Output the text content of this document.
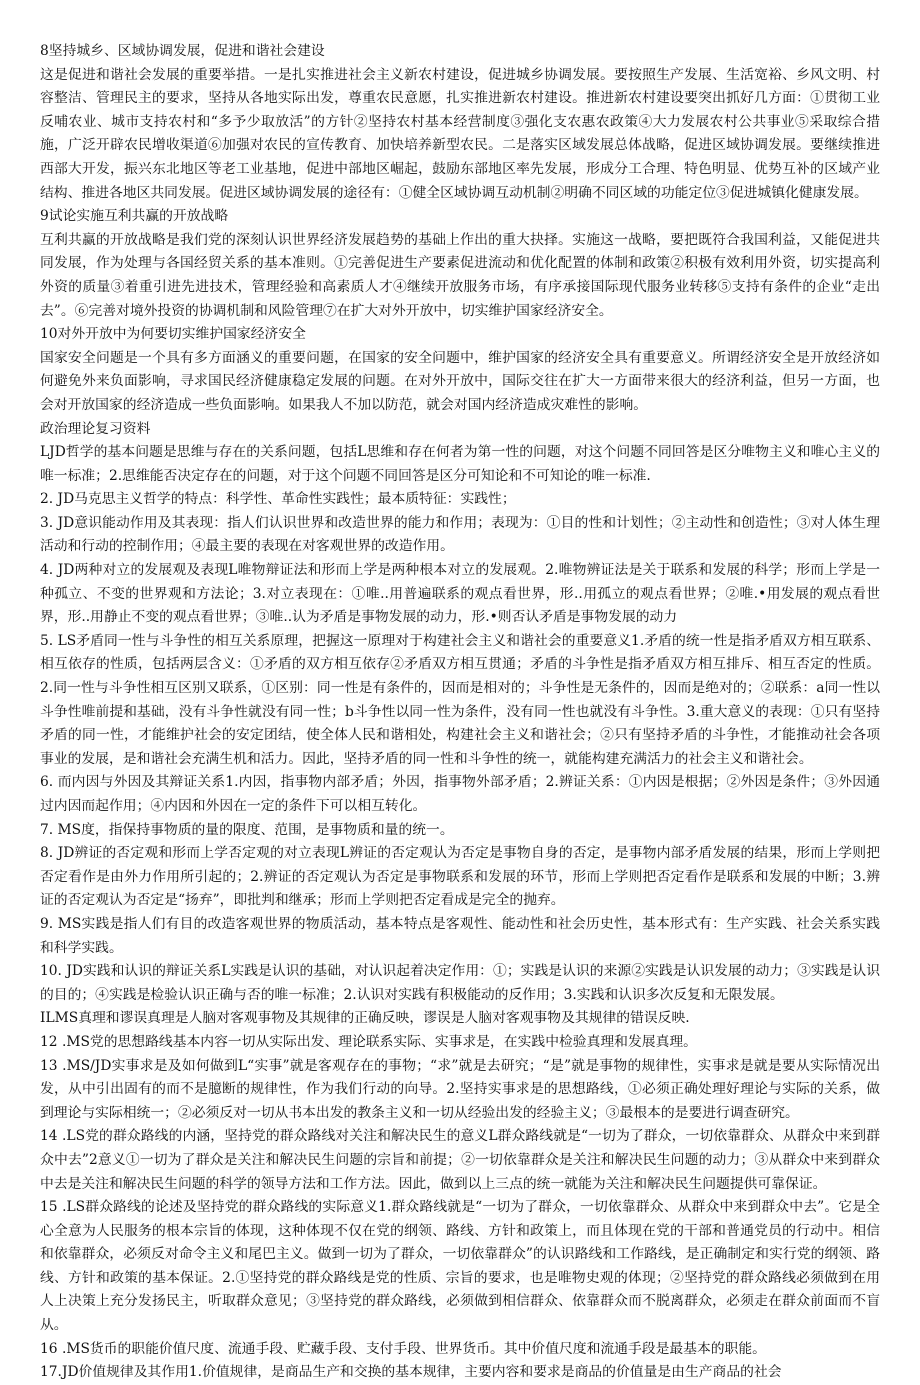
8坚持城乡、区域协调发展，促进和谐社会建设

这是促进和谐社会发展的重要举措。一是扎实推进社会主义新农村建设，促进城乡协调发展。要按照生产发展、生活宽裕、乡风文明、村容整洁、管理民主的要求，坚持从各地实际出发，尊重农民意愿，扎实推进新农村建设。推进新农村建设要突出抓好几方面：①贯彻工业反哺农业、城市支持农村和“多予少取放活”的方针②坚持农村基本经营制度③强化支农惠农政策④大力发展农村公共事业⑤采取综合措施，广泛开辟农民增收渠道⑥加强对农民的宣传教育、加快培养新型农民。二是落实区域发展总体战略，促进区域协调发展。要继续推进西部大开发，振兴东北地区等老工业基地，促进中部地区崛起，鼓励东部地区率先发展，形成分工合理、特色明显、优势互补的区域产业结构、推进各地区共同发展。促进区域协调发展的途径有：①健全区域协调互动机制②明确不同区域的功能定位③促进城镇化健康发展。

9试论实施互利共赢的开放战略

互利共赢的开放战略是我们党的深刻认识世界经济发展趋势的基础上作出的重大抉择。实施这一战略，要把既符合我国利益，又能促进共同发展，作为处理与各国经贸关系的基本准则。①完善促进生产要素促进流动和优化配置的体制和政策②积极有效利用外资，切实提高利外资的质量③着重引进先进技术，管理经验和高素质人才④继续开放服务市场，有序承接国际现代服务业转移⑤支持有条件的企业“走出去”。⑥完善对境外投资的协调机制和风险管理⑦在扩大对外开放中，切实维护国家经济安全。

10对外开放中为何要切实维护国家经济安全

国家安全问题是一个具有多方面涵义的重要问题，在国家的安全问题中，维护国家的经济安全具有重要意义。所谓经济安全是开放经济如何避免外来负面影响，寻求国民经济健康稳定发展的问题。在对外开放中，国际交往在扩大一方面带来很大的经济利益，但另一方面，也会对开放国家的经济造成一些负面影响。如果我人不加以防范，就会对国内经济造成灾难性的影响。

政治理论复习资料

LJD哲学的基本问题是思维与存在的关系问题，包括L思维和存在何者为第一性的问题，对这个问题不同回答是区分唯物主义和唯心主义的唯一标准；2.思维能否决定存在的问题，对于这个问题不同回答是区分可知论和不可知论的唯一标准.

2. JD马克思主义哲学的特点：科学性、革命性实践性；最本质特征：实践性；

3. JD意识能动作用及其表现：指人们认识世界和改造世界的能力和作用；表现为：①目的性和计划性；②主动性和创造性；③对人体生理活动和行动的控制作用；④最主要的表现在对客观世界的改造作用。

4. JD两种对立的发展观及表现L唯物辩证法和形而上学是两种根本对立的发展观。2.唯物辨证法是关于联系和发展的科学；形而上学是一种孤立、不变的世界观和方法论；3.对立表现在：①唯..用普遍联系的观点看世界，形..用孤立的观点看世界；②唯.•用发展的观点看世界，形..用静止不变的观点看世界；③唯..认为矛盾是事物发展的动力，形.•则否认矛盾是事物发展的动力

5. LS矛盾同一性与斗争性的相互关系原理，把握这一原理对于构建社会主义和谐社会的重要意义1.矛盾的统一性是指矛盾双方相互联系、相互依存的性质，包括两层含义：①矛盾的双方相互依存②矛盾双方相互贯通；矛盾的斗争性是指矛盾双方相互排斥、相互否定的性质。2.同一性与斗争性相互区别又联系，①区别：同一性是有条件的，因而是相对的；斗争性是无条件的，因而是绝对的；②联系：a同一性以斗争性唯前提和基础，没有斗争性就没有同一性；b斗争性以同一性为条件，没有同一性也就没有斗争性。3.重大意义的表现：①只有坚持矛盾的同一性，才能维护社会的安定团结，使全体人民和谐相处，构建社会主义和谐社会；②只有坚持矛盾的斗争性，才能推动社会各项事业的发展，是和谐社会充满生机和活力。因此，坚持矛盾的同一性和斗争性的统一，就能构建充满活力的社会主义和谐社会。

6. 而内因与外因及其辩证关系1.内因，指事物内部矛盾；外因，指事物外部矛盾；2.辨证关系：①内因是根据；②外因是条件；③外因通过内因而起作用；④内因和外因在一定的条件下可以相互转化。

7. MS度，指保持事物质的量的限度、范围，是事物质和量的统一。

8. JD辨证的否定观和形而上学否定观的对立表现L辨证的否定观认为否定是事物自身的否定，是事物内部矛盾发展的结果，形而上学则把否定看作是由外力作用所引起的；2.辨证的否定观认为否定是事物联系和发展的环节，形而上学则把否定看作是联系和发展的中断；3.辨证的否定观认为否定是“扬弃”，即批判和继承；形而上学则把否定看成是完全的抛弃。

9. MS实践是指人们有目的改造客观世界的物质活动，基本特点是客观性、能动性和社会历史性，基本形式有：生产实践、社会关系实践和科学实践。

10. JD实践和认识的辩证关系L实践是认识的基础，对认识起着决定作用：①；实践是认识的来源②实践是认识发展的动力；③实践是认识的目的；④实践是检验认识正确与否的唯一标准；2.认识对实践有积极能动的反作用；3.实践和认识多次反复和无限发展。

ILMS真理和谬误真理是人脑对客观事物及其规律的正确反映，谬误是人脑对客观事物及其规律的错误反映.

12 .MS党的思想路线基本内容一切从实际出发、理论联系实际、实事求是，在实践中检验真理和发展真理。

13 .MS/JD实事求是及如何做到L“实事”就是客观存在的事物；“求”就是去研究；“是”就是事物的规律性，实事求是就是要从实际情况出发，从中引出固有的而不是臆断的规律性，作为我们行动的向导。2.坚持实事求是的思想路线，①必须正确处理好理论与实际的关系，做到理论与实际相统一；②必须反对一切从书本出发的教条主义和一切从经验出发的经验主义；③最根本的是要进行调查研究。

14 .LS党的群众路线的内涵，坚持党的群众路线对关注和解决民生的意义L群众路线就是“一切为了群众，一切依靠群众、从群众中来到群众中去”2意义①一切为了群众是关注和解决民生问题的宗旨和前提；②一切依靠群众是关注和解决民生问题的动力；③从群众中来到群众中去是关注和解决民生问题的科学的领导方法和工作方法。因此，做到以上三点的统一就能为关注和解决民生问题提供可靠保证。

15 .LS群众路线的论述及坚持党的群众路线的实际意义1.群众路线就是“一切为了群众，一切依靠群众、从群众中来到群众中去”。它是全心全意为人民服务的根本宗旨的体现，这种体现不仅在党的纲领、路线、方针和政策上，而且体现在党的干部和普通党员的行动中。相信和依靠群众，必须反对命令主义和尾巴主义。做到一切为了群众，一切依靠群众”的认识路线和工作路线，是正确制定和实行党的纲领、路线、方针和政策的基本保证。2.①坚持党的群众路线是党的性质、宗旨的要求，也是唯物史观的体现；②坚持党的群众路线必须做到在用人上决策上充分发扬民主，听取群众意见；③坚持党的群众路线，必须做到相信群众、依靠群众而不脱离群众，必须走在群众前面而不盲从。

16 .MS货币的职能价值尺度、流通手段、贮藏手段、支付手段、世界货币。其中价值尺度和流通手段是最基本的职能。

17.JD价值规律及其作用1.价值规律，是商品生产和交换的基本规律，主要内容和要求是商品的价值量是由生产商品的社会
